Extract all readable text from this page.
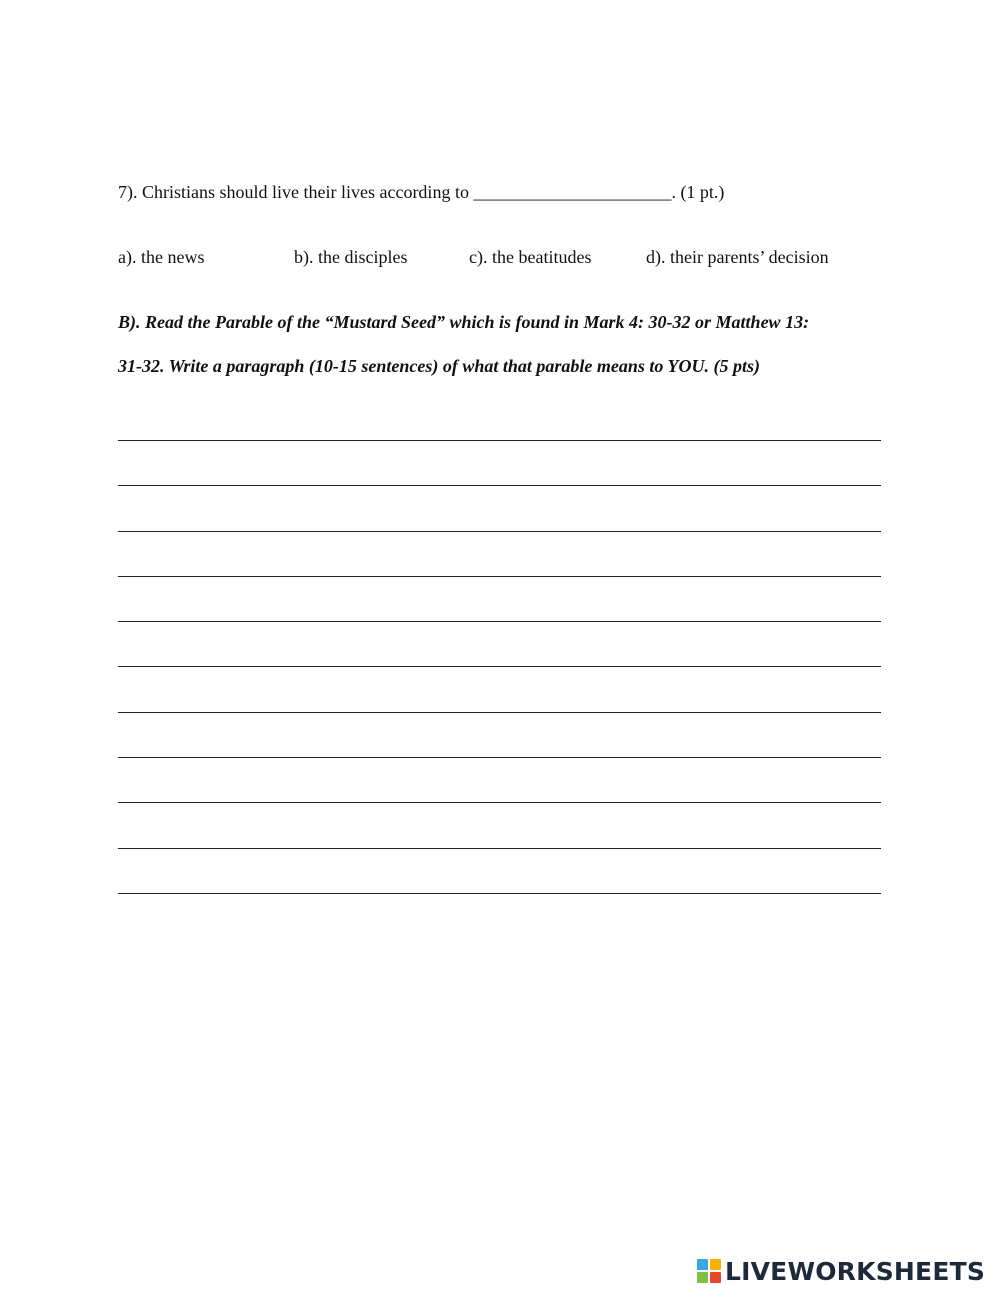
7). Christians should live their lives according to ______________________. (1 pt.)
a). the news	b). the disciples	c). the beatitudes	d). their parents’ decision
B). Read the Parable of the “Mustard Seed” which is found in Mark 4: 30-32 or Matthew 13:
31-32. Write a paragraph (10-15 sentences) of what that parable means to YOU. (5 pts)
LIVEWORKSHEETS
